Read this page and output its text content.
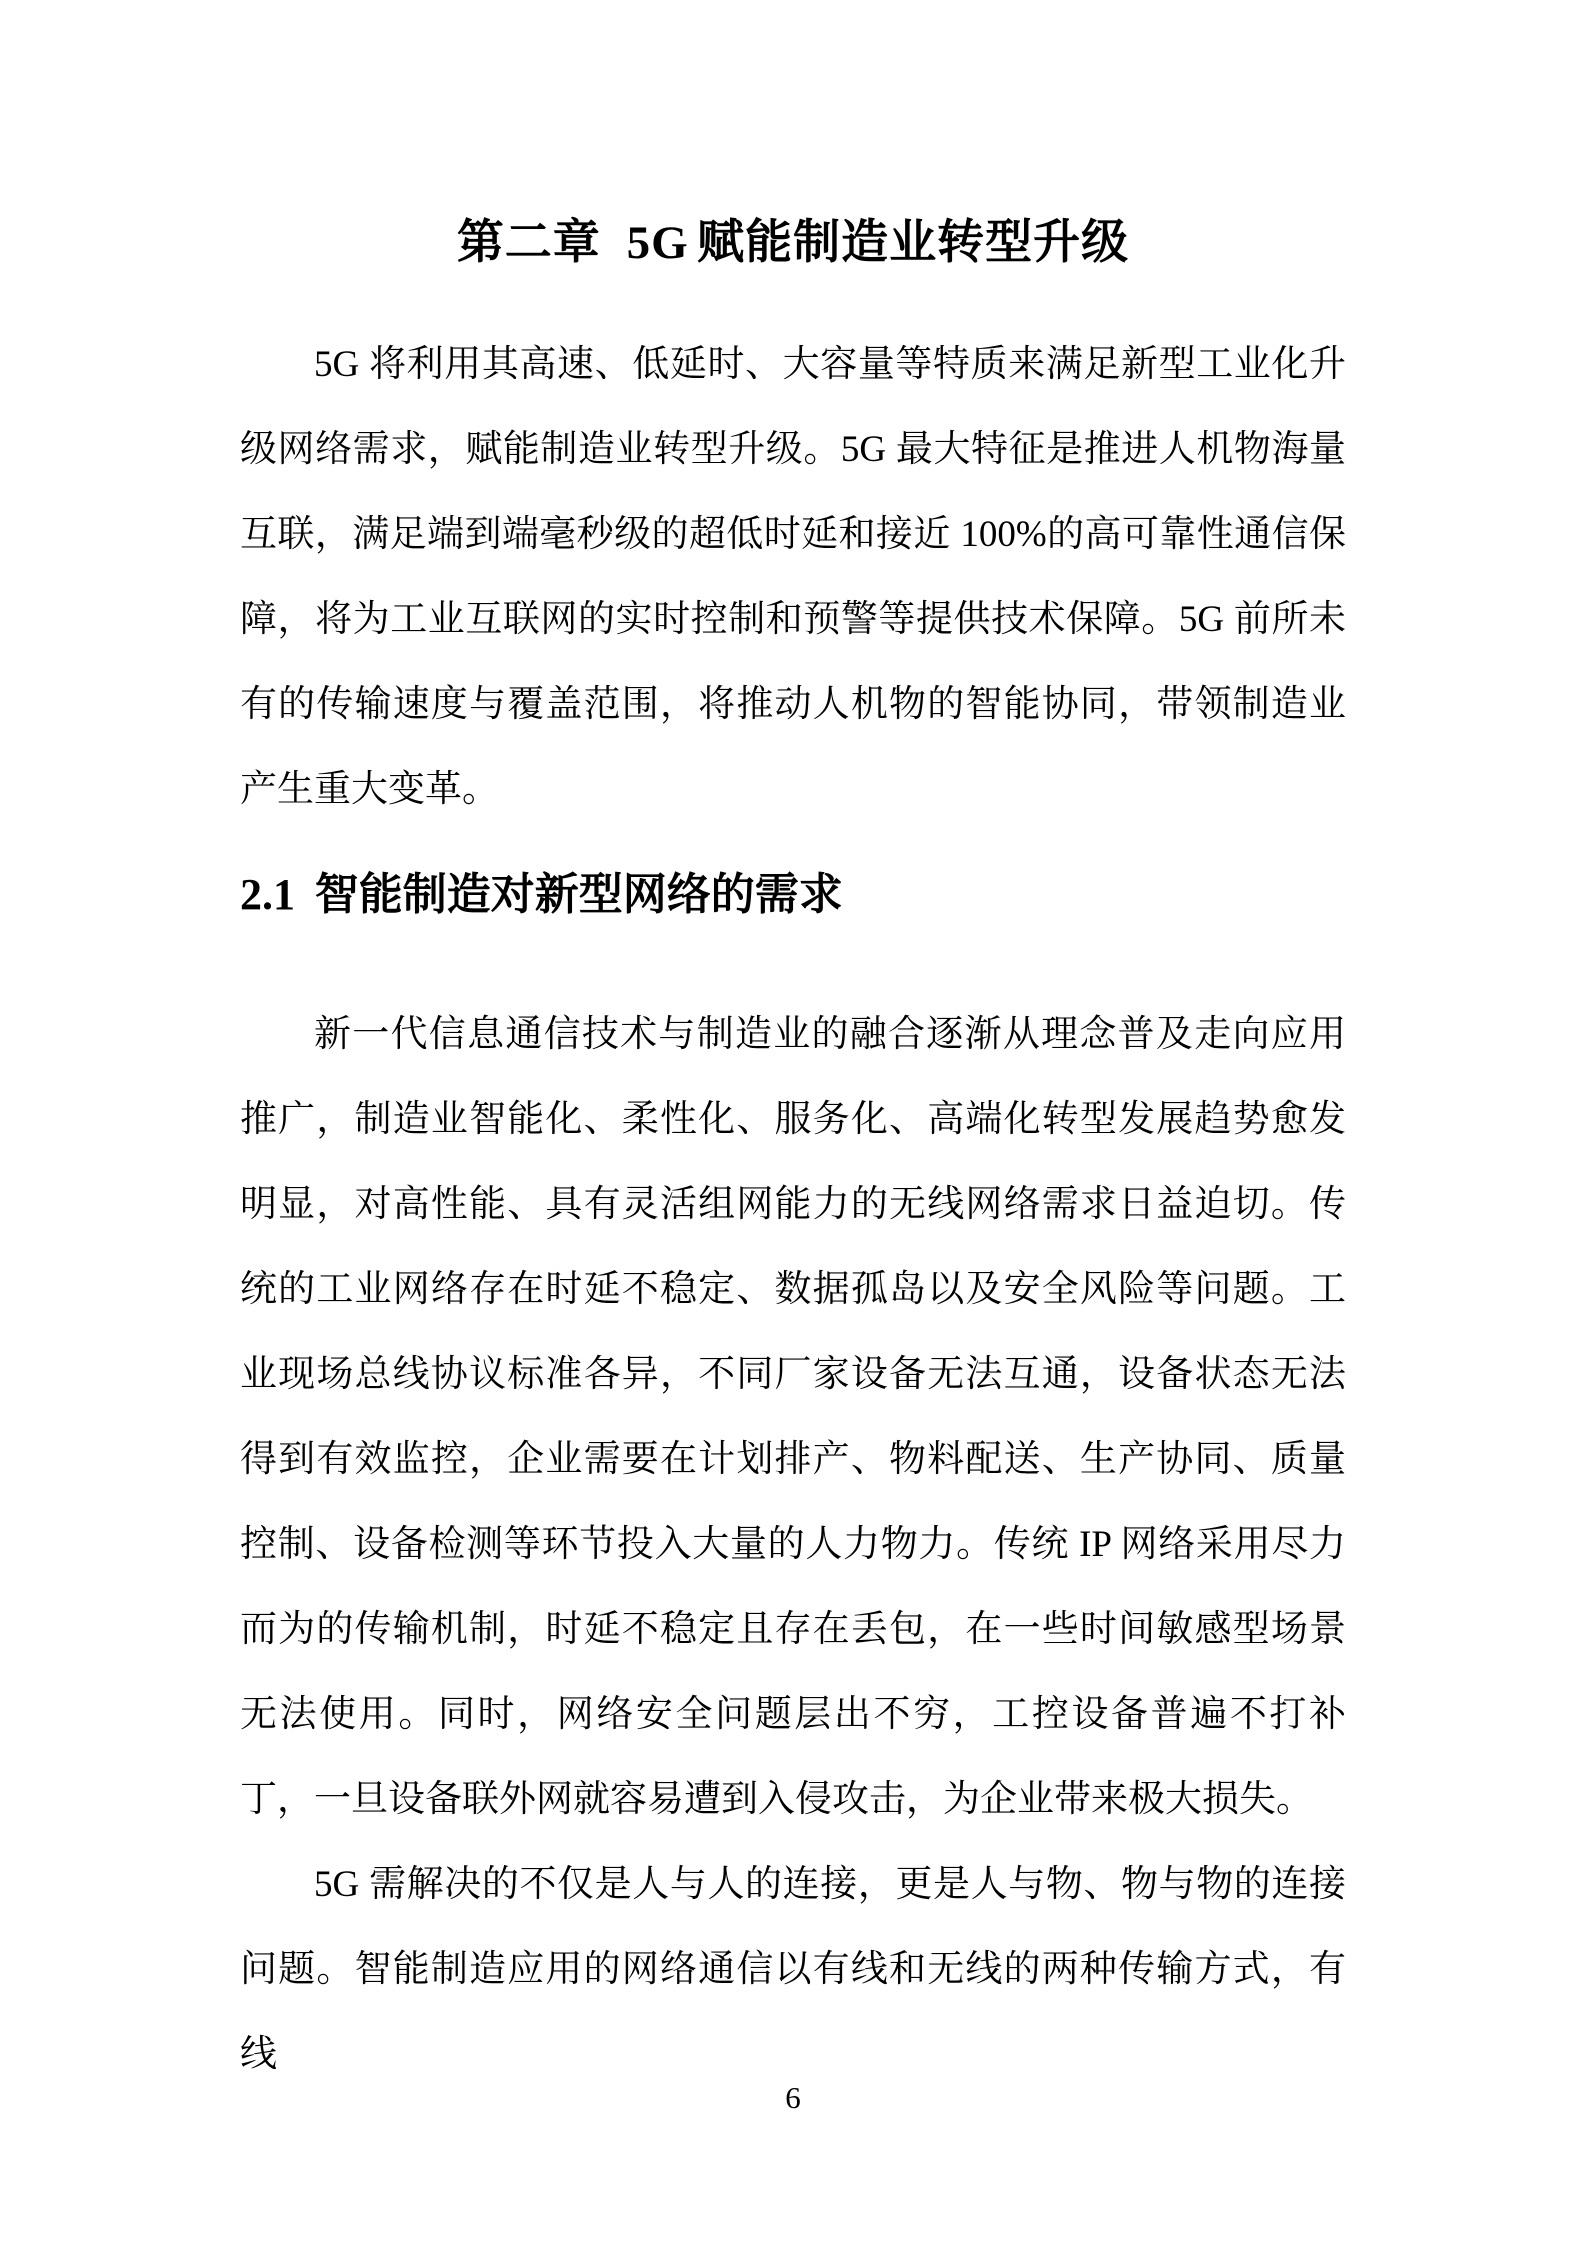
第二章 5G 赋能制造业转型升级

5G 将利用其高速、低延时、大容量等特质来满足新型工业化升级网络需求，赋能制造业转型升级。5G 最大特征是推进人机物海量互联，满足端到端毫秒级的超低时延和接近 100%的高可靠性通信保障，将为工业互联网的实时控制和预警等提供技术保障。5G 前所未有的传输速度与覆盖范围，将推动人机物的智能协同，带领制造业产生重大变革。

2.1 智能制造对新型网络的需求

新一代信息通信技术与制造业的融合逐渐从理念普及走向应用推广，制造业智能化、柔性化、服务化、高端化转型发展趋势愈发明显，对高性能、具有灵活组网能力的无线网络需求日益迫切。传统的工业网络存在时延不稳定、数据孤岛以及安全风险等问题。工业现场总线协议标准各异，不同厂家设备无法互通，设备状态无法得到有效监控，企业需要在计划排产、物料配送、生产协同、质量控制、设备检测等环节投入大量的人力物力。传统 IP 网络采用尽力而为的传输机制，时延不稳定且存在丢包，在一些时间敏感型场景无法使用。同时，网络安全问题层出不穷，工控设备普遍不打补丁，一旦设备联外网就容易遭到入侵攻击，为企业带来极大损失。

5G 需解决的不仅是人与人的连接，更是人与物、物与物的连接问题。智能制造应用的网络通信以有线和无线的两种传输方式，有线

6
